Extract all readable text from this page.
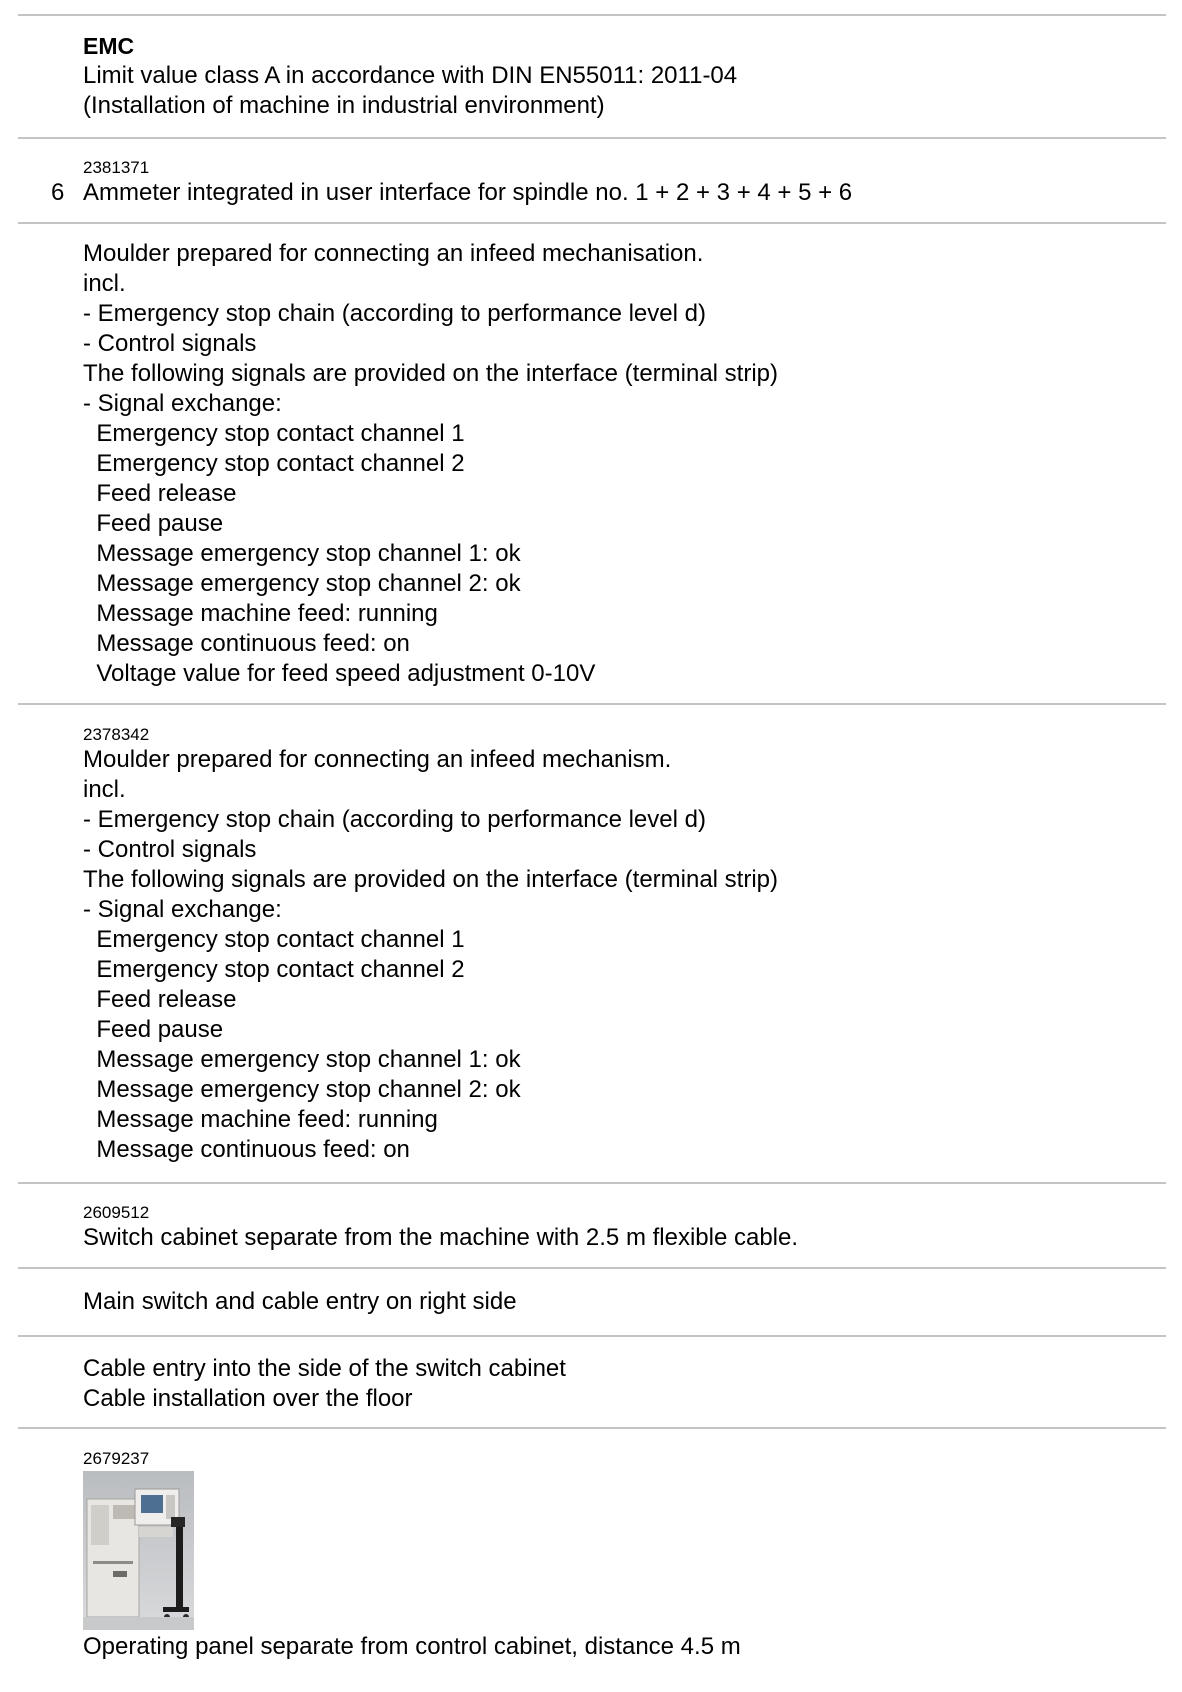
EMC
Limit value class A in accordance with DIN EN55011: 2011-04
(Installation of machine in industrial environment)
6
2381371
Ammeter integrated in user interface for spindle no. 1 + 2 + 3 + 4 + 5 + 6
Moulder prepared for connecting an infeed mechanisation.
incl.
- Emergency stop chain (according to performance level d)
- Control signals
The following signals are provided on the interface (terminal strip)
- Signal exchange:
Emergency stop contact channel 1
Emergency stop contact channel 2
Feed release
Feed pause
Message emergency stop channel 1: ok
Message emergency stop channel 2: ok
Message machine feed: running
Message continuous feed: on
Voltage value for feed speed adjustment 0-10V
2378342
Moulder prepared for connecting an infeed mechanism.
incl.
- Emergency stop chain (according to performance level d)
- Control signals
The following signals are provided on the interface (terminal strip)
- Signal exchange:
Emergency stop contact channel 1
Emergency stop contact channel 2
Feed release
Feed pause
Message emergency stop channel 1: ok
Message emergency stop channel 2: ok
Message machine feed: running
Message continuous feed: on
2609512
Switch cabinet separate from the machine with 2.5 m flexible cable.
Main switch and cable entry on right side
Cable entry into the side of the switch cabinet
Cable installation over the floor
2679237
Operating panel separate from control cabinet, distance 4.5 m
